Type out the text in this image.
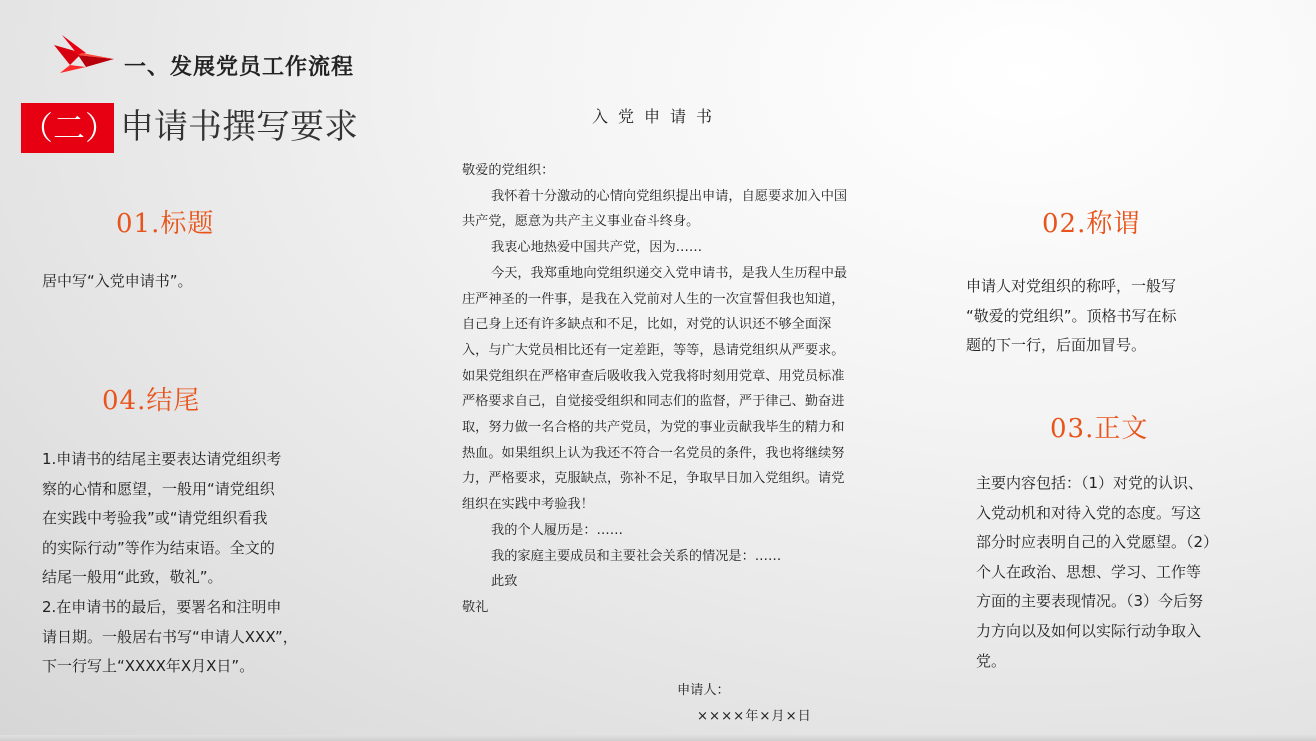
一、发展党员工作流程
（二） 申请书撰写要求
01.标题

居中写“入党申请书”。

04.结尾

1.申请书的结尾主要表达请党组织考

察的心情和愿望，一般用“请党组织

在实践中考验我”或“请党组织看我

的实际行动”等作为结束语。全文的

结尾一般用“此致，敬礼”。

2.在申请书的最后，要署名和注明申

请日期。一般居右书写“申请人XXX”，

下一行写上“XXXX年X月X日”。

入党申请书

敬爱的党组织：

我怀着十分激动的心情向党组织提出申请，自愿要求加入中国共产党，愿意为共产主义事业奋斗终身。

我衷心地热爱中国共产党，因为……

今天，我郑重地向党组织递交入党申请书，是我人生历程中最庄严神圣的一件事，是我在入党前对人生的一次宣誓但我也知道，自己身上还有许多缺点和不足，比如，对党的认识还不够全面深入，与广大党员相比还有一定差距，等等，恳请党组织从严要求。如果党组织在严格审查后吸收我入党我将时刻用党章、用党员标准严格要求自己，自觉接受组织和同志们的监督，严于律己、勤奋进取，努力做一名合格的共产党员，为党的事业贡献我毕生的精力和热血。如果组织上认为我还不符合一名党员的条件，我也将继续努力，严格要求，克服缺点，弥补不足，争取早日加入党组织。请党组织在实践中考验我！

我的个人履历是：……

我的家庭主要成员和主要社会关系的情况是：……

此致

敬礼

申请人：
××××年×月×日
02.称谓

申请人对党组织的称呼，一般写

“敬爱的党组织”。顶格书写在标

题的下一行，后面加冒号。

03.正文

主要内容包括：（1）对党的认识、

入党动机和对待入党的态度。写这

部分时应表明自己的入党愿望。（2）

个人在政治、思想、学习、工作等

方面的主要表现情况。（3）今后努

力方向以及如何以实际行动争取入

党。
